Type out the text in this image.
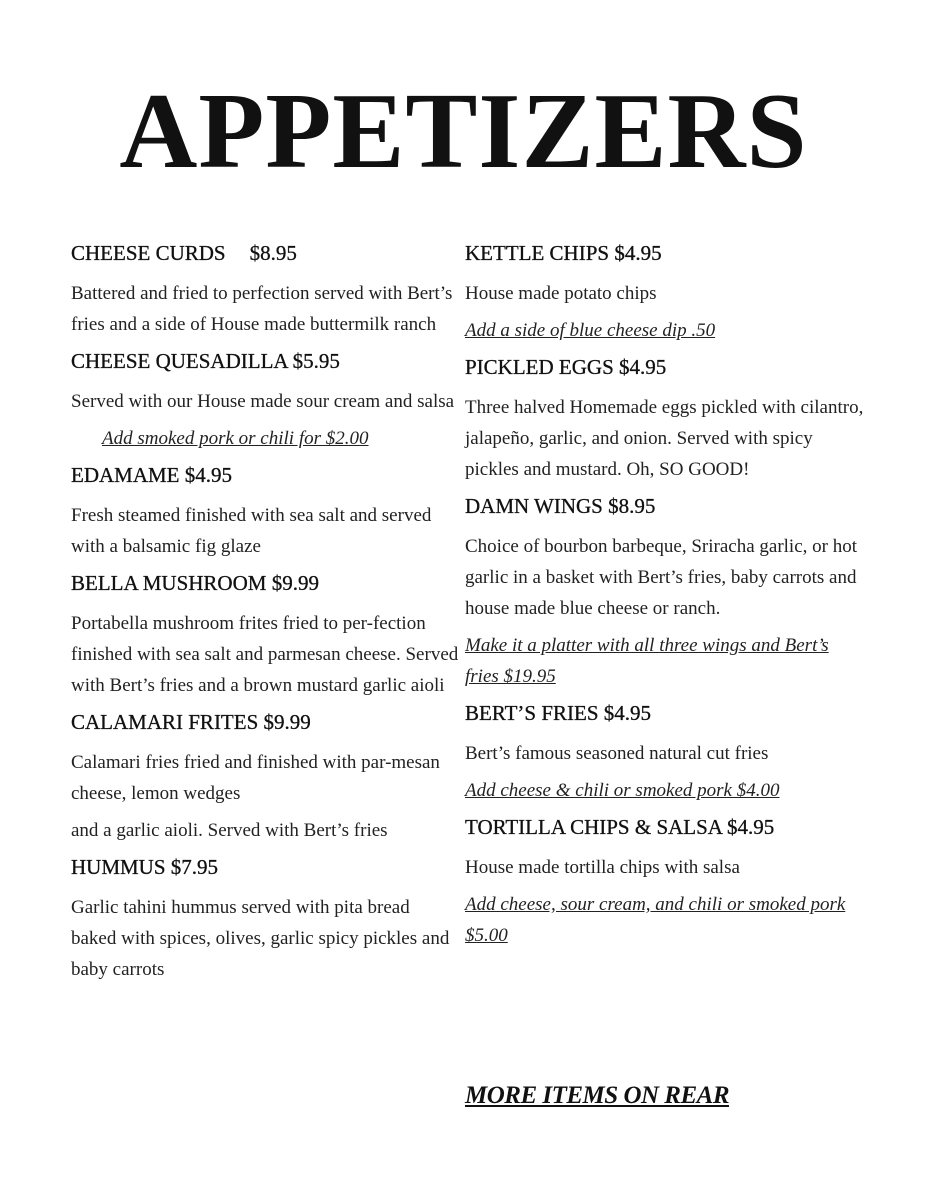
APPETIZERS
CHEESE CURDS $8.95
Battered and fried to perfection served with Bert’s fries and a side of House made buttermilk ranch
CHEESE QUESADILLA $5.95
Served with our House made sour cream and salsa
Add smoked pork or chili for $2.00
EDAMAME $4.95
Fresh steamed finished with sea salt and served with a balsamic fig glaze
BELLA MUSHROOM $9.99
Portabella mushroom frites fried to per-fection finished with sea salt and parmesan cheese. Served with Bert’s fries and a brown mustard garlic aioli
CALAMARI FRITES $9.99
Calamari fries fried and finished with par-mesan cheese, lemon wedges
and a garlic aioli. Served with Bert’s fries
HUMMUS $7.95
Garlic tahini hummus served with pita bread baked with spices, olives, garlic spicy pickles and baby carrots
KETTLE CHIPS $4.95
House made potato chips
Add a side of blue cheese dip .50
PICKLED EGGS $4.95
Three halved Homemade eggs pickled with cilantro, jalapeño, garlic, and onion. Served with spicy pickles and mustard. Oh, SO GOOD!
DAMN WINGS $8.95
Choice of bourbon barbeque, Sriracha garlic, or hot garlic in a basket with Bert’s fries, baby carrots and house made blue cheese or ranch.
Make it a platter with all three wings and Bert’s fries $19.95
BERT’S FRIES $4.95
Bert’s famous seasoned natural cut fries
Add cheese & chili or smoked pork $4.00
TORTILLA CHIPS & SALSA $4.95
House made tortilla chips with salsa
Add cheese, sour cream, and chili or smoked pork $5.00
MORE ITEMS ON REAR
